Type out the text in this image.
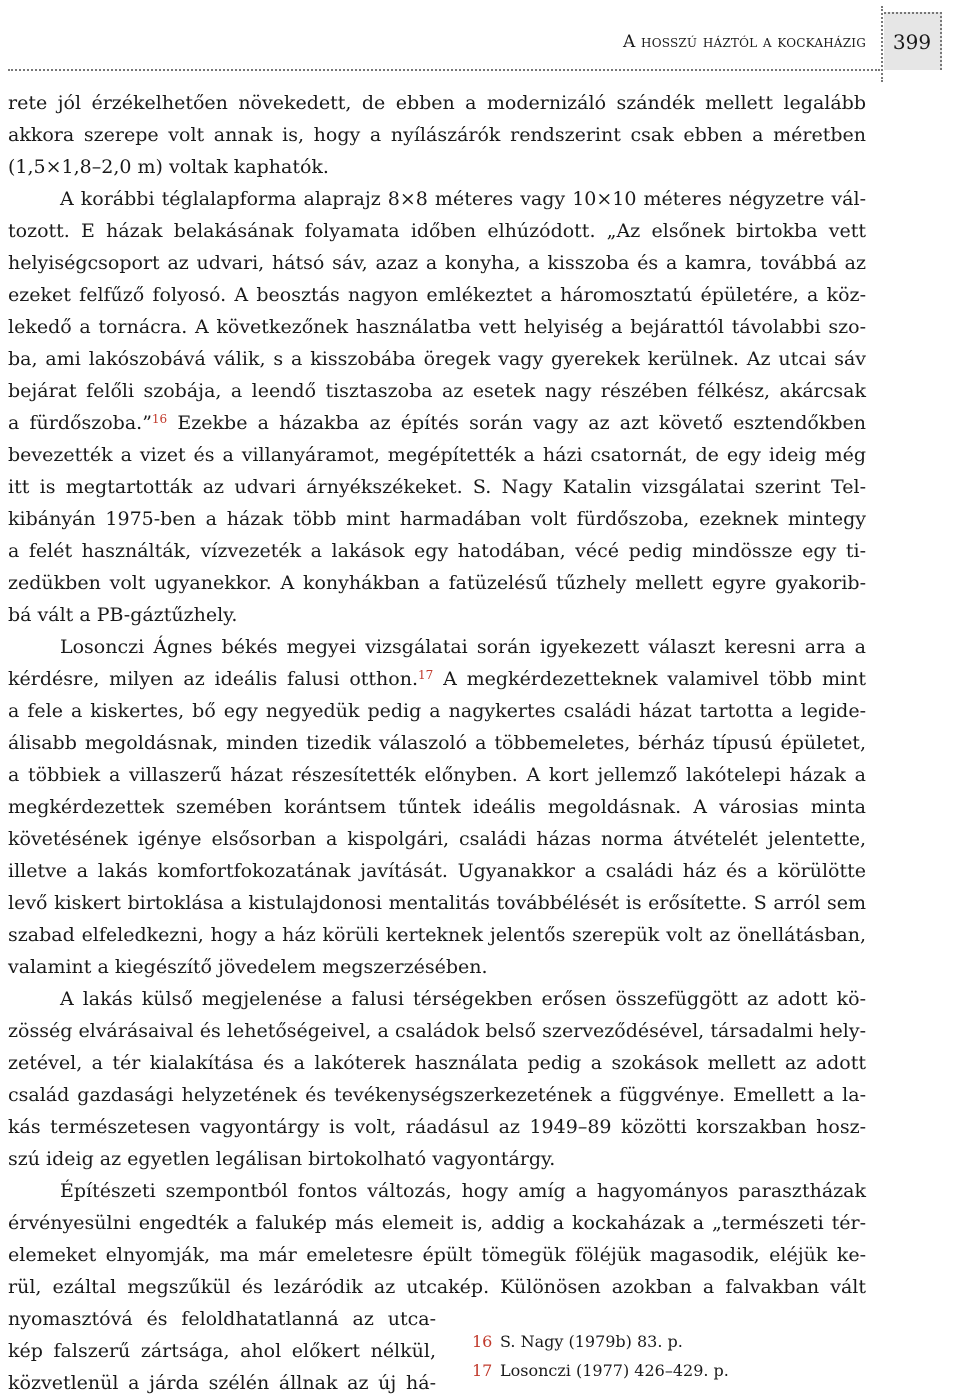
A hosszú háztól a kockaházig	399
rete jól érzékelhetően növekedett, de ebben a modernizáló szándék mellett legalább
akkora szerepe volt annak is, hogy a nyílászárók rendszerint csak ebben a méretben
(1,5×1,8–2,0 m) voltak kaphatók.
A korábbi téglalapforma alaprajz 8×8 méteres vagy 10×10 méteres négyzetre vál-
tozott. E házak belakásának folyamata időben elhúzódott. „Az elsőnek birtokba vett
helyiségcsoport az udvari, hátsó sáv, azaz a konyha, a kisszoba és a kamra, továbbá az
ezeket felfűző folyosó. A beosztás nagyon emlékeztet a háromosztatú épületére, a köz-
lekedő a tornácra. A következőnek használatba vett helyiség a bejárattól távolabbi szo-
ba, ami lakószobává válik, s a kisszobába öregek vagy gyerekek kerülnek. Az utcai sáv
bejárat felőli szobája, a leendő tisztaszoba az esetek nagy részében félkész, akárcsak
a fürdőszoba.”$^{16}$ Ezekbe a házakba az építés során vagy az azt követő esztendőkben
bevezették a vizet és a villanyáramot, megépítették a házi csatornát, de egy ideig még
itt is megtartották az udvari árnyékszékeket. S. Nagy Katalin vizsgálatai szerint Tel-
kibányán 1975-ben a házak több mint harmadában volt fürdőszoba, ezeknek mintegy
a felét használták, vízvezeték a lakások egy hatodában, vécé pedig mindössze egy ti-
zedükben volt ugyanekkor. A konyhákban a fatüzelésű tűzhely mellett egyre gyakorib-
bá vált a PB-gáztűzhely.
Losonczi Ágnes békés megyei vizsgálatai során igyekezett választ keresni arra a
kérdésre, milyen az ideális falusi otthon.$^{17}$ A megkérdezetteknek valamivel több mint
a fele a kiskertes, bő egy negyedük pedig a nagykertes családi házat tartotta a legide-
álisabb megoldásnak, minden tizedik válaszoló a többemeletes, bérház típusú épületet,
a többiek a villaszerű házat részesítették előnyben. A kort jellemző lakótelepi házak a
megkérdezettek szemében korántsem tűntek ideális megoldásnak. A városias minta
követésének igénye elsősorban a kispolgári, családi házas norma átvételét jelentette,
illetve a lakás komfortfokozatának javítását. Ugyanakkor a családi ház és a körülötte
levő kiskert birtoklása a kistulajdonosi mentalitás továbbélését is erősítette. S arról sem
szabad elfeledkezni, hogy a ház körüli kerteknek jelentős szerepük volt az önellátásban,
valamint a kiegészítő jövedelem megszerzésében.
A lakás külső megjelenése a falusi térségekben erősen összefüggött az adott kö-
zösség elvárásaival és lehetőségeivel, a családok belső szerveződésével, társadalmi hely-
zetével, a tér kialakítása és a lakóterek használata pedig a szokások mellett az adott
család gazdasági helyzetének és tevékenységszerkezetének a függvénye. Emellett a la-
kás természetesen vagyontárgy is volt, ráadásul az 1949–89 közötti korszakban hosz-
szú ideig az egyetlen legálisan birtokolható vagyontárgy.
Építészeti szempontból fontos változás, hogy amíg a hagyományos parasztházak
érvényesülni engedték a falukép más elemeit is, addig a kockaházak a „természeti tér-
elemeket elnyomják, ma már emeletesre épült tömegük föléjük magasodik, eléjük ke-
rül, ezáltal megszűkül és lezáródik az utcakép. Különösen azokban a falvakban vált
nyomasztóvá és feloldhatatlanná az utca-
kép falszerű zártsága, ahol előkert nélkül,
közvetlenül a járda szélén állnak az új há-
16 S. Nagy (1979b) 83. p.
17 Losonczi (1977) 426–429. p.
